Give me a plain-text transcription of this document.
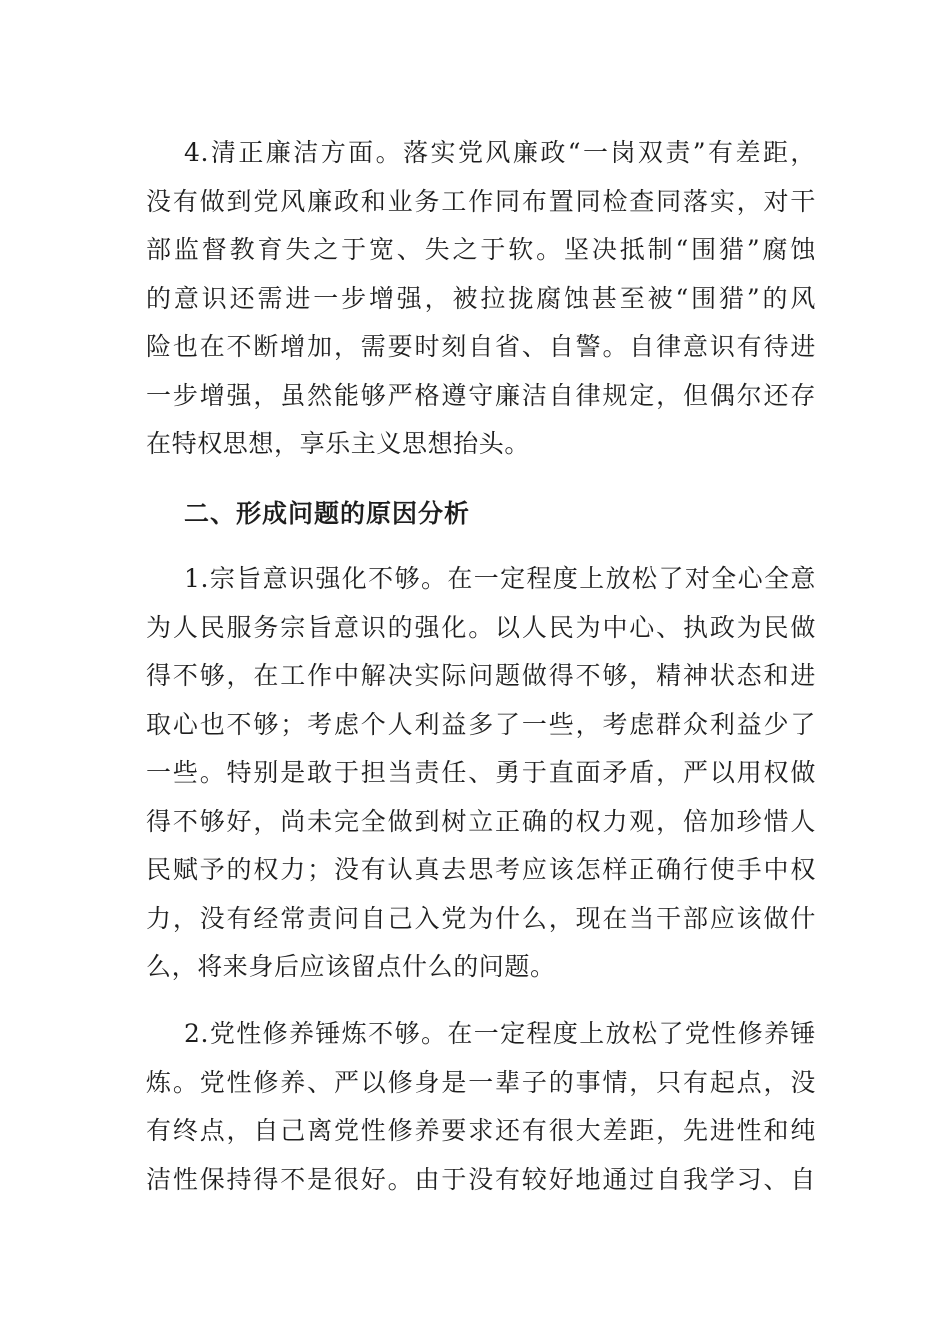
4.清正廉洁方面。落实党风廉政“一岗双责”有差距，
没有做到党风廉政和业务工作同布置同检查同落实，对干
部监督教育失之于宽、失之于软。坚决抵制“围猎”腐蚀
的意识还需进一步增强，被拉拢腐蚀甚至被“围猎”的风
险也在不断增加，需要时刻自省、自警。自律意识有待进
一步增强，虽然能够严格遵守廉洁自律规定，但偶尔还存
在特权思想，享乐主义思想抬头。
二、形成问题的原因分析
1.宗旨意识强化不够。在一定程度上放松了对全心全意
为人民服务宗旨意识的强化。以人民为中心、执政为民做
得不够，在工作中解决实际问题做得不够，精神状态和进
取心也不够；考虑个人利益多了一些，考虑群众利益少了
一些。特别是敢于担当责任、勇于直面矛盾，严以用权做
得不够好，尚未完全做到树立正确的权力观，倍加珍惜人
民赋予的权力；没有认真去思考应该怎样正确行使手中权
力，没有经常责问自己入党为什么，现在当干部应该做什
么，将来身后应该留点什么的问题。
2.党性修养锤炼不够。在一定程度上放松了党性修养锤
炼。党性修养、严以修身是一辈子的事情，只有起点，没
有终点，自己离党性修养要求还有很大差距，先进性和纯
洁性保持得不是很好。由于没有较好地通过自我学习、自
